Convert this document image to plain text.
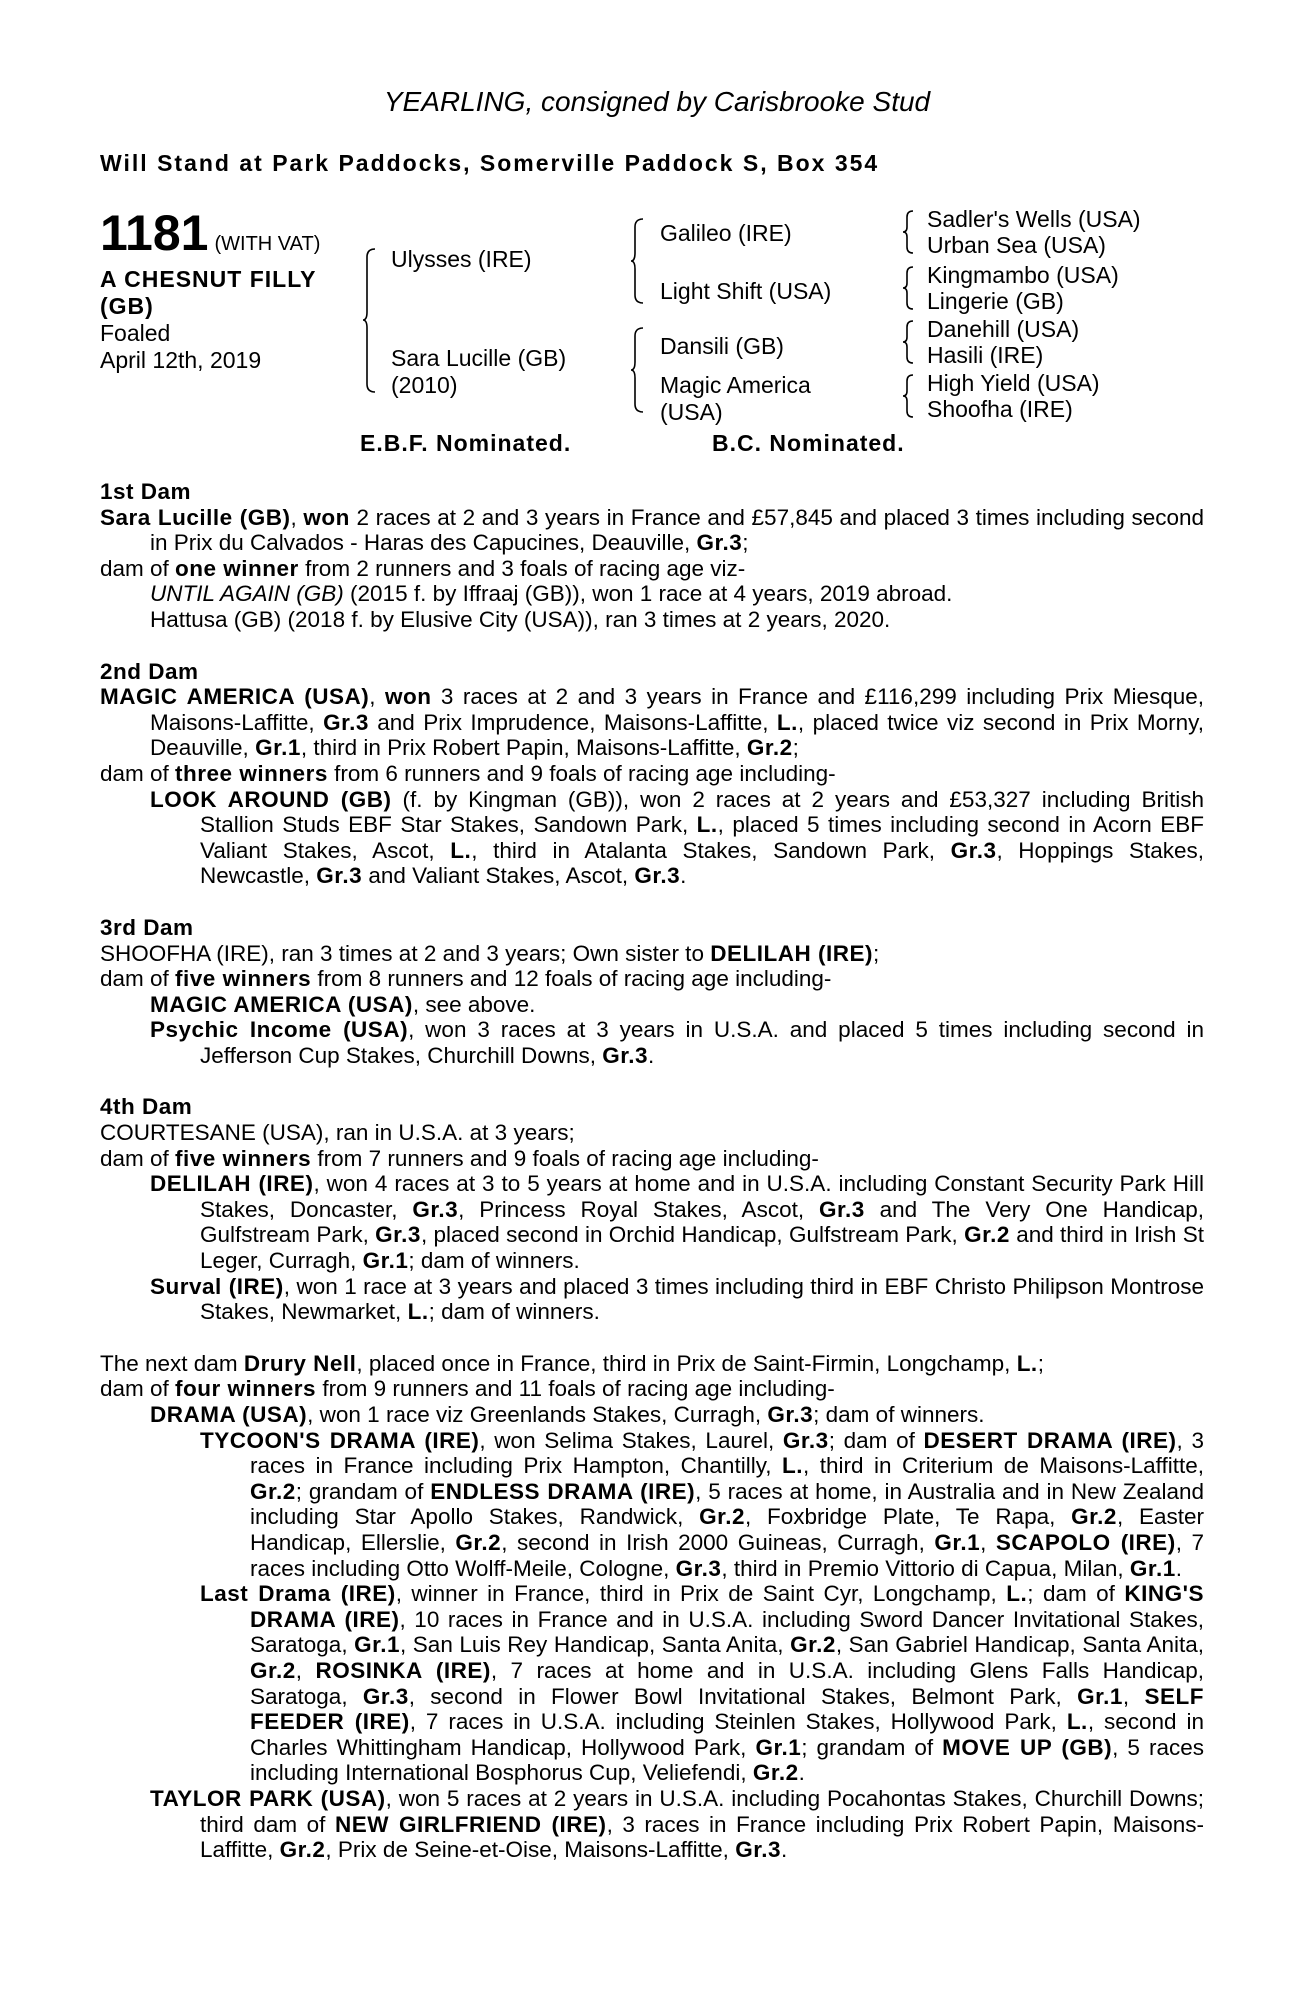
YEARLING, consigned by Carisbrooke Stud
Will Stand at Park Paddocks, Somerville Paddock S, Box 354
1181 (WITH VAT)
A CHESNUT FILLY
(GB)
Foaled
April 12th, 2019
Ulysses (IRE)
Sara Lucille (GB)
(2010)
Galileo (IRE)
Light Shift (USA)
Dansili (GB)
Magic America
(USA)
Sadler's Wells (USA)
Urban Sea (USA)
Kingmambo (USA)
Lingerie (GB)
Danehill (USA)
Hasili (IRE)
High Yield (USA)
Shoofha (IRE)
E.B.F. Nominated.	B.C. Nominated.

1st Dam

Sara Lucille (GB), won 2 races at 2 and 3 years in France and £57,845 and placed 3 times including second in Prix du Calvados - Haras des Capucines, Deauville, Gr.3;

dam of one winner from 2 runners and 3 foals of racing age viz-

UNTIL AGAIN (GB) (2015 f. by Iffraaj (GB)), won 1 race at 4 years, 2019 abroad.

Hattusa (GB) (2018 f. by Elusive City (USA)), ran 3 times at 2 years, 2020.

2nd Dam

MAGIC AMERICA (USA), won 3 races at 2 and 3 years in France and £116,299 including Prix Miesque, Maisons-Laffitte, Gr.3 and Prix Imprudence, Maisons-Laffitte, L., placed twice viz second in Prix Morny, Deauville, Gr.1, third in Prix Robert Papin, Maisons-Laffitte, Gr.2;

dam of three winners from 6 runners and 9 foals of racing age including-

LOOK AROUND (GB) (f. by Kingman (GB)), won 2 races at 2 years and £53,327 including British Stallion Studs EBF Star Stakes, Sandown Park, L., placed 5 times including second in Acorn EBF Valiant Stakes, Ascot, L., third in Atalanta Stakes, Sandown Park, Gr.3, Hoppings Stakes, Newcastle, Gr.3 and Valiant Stakes, Ascot, Gr.3.

3rd Dam

SHOOFHA (IRE), ran 3 times at 2 and 3 years; Own sister to DELILAH (IRE);

dam of five winners from 8 runners and 12 foals of racing age including-

MAGIC AMERICA (USA), see above.

Psychic Income (USA), won 3 races at 3 years in U.S.A. and placed 5 times including second in Jefferson Cup Stakes, Churchill Downs, Gr.3.

4th Dam

COURTESANE (USA), ran in U.S.A. at 3 years;

dam of five winners from 7 runners and 9 foals of racing age including-

DELILAH (IRE), won 4 races at 3 to 5 years at home and in U.S.A. including Constant Security Park Hill Stakes, Doncaster, Gr.3, Princess Royal Stakes, Ascot, Gr.3 and The Very One Handicap, Gulfstream Park, Gr.3, placed second in Orchid Handicap, Gulfstream Park, Gr.2 and third in Irish St Leger, Curragh, Gr.1; dam of winners.

Surval (IRE), won 1 race at 3 years and placed 3 times including third in EBF Christo Philipson Montrose Stakes, Newmarket, L.; dam of winners.

The next dam Drury Nell, placed once in France, third in Prix de Saint-Firmin, Longchamp, L.;

dam of four winners from 9 runners and 11 foals of racing age including-

DRAMA (USA), won 1 race viz Greenlands Stakes, Curragh, Gr.3; dam of winners.

TYCOON'S DRAMA (IRE), won Selima Stakes, Laurel, Gr.3; dam of DESERT DRAMA (IRE), 3 races in France including Prix Hampton, Chantilly, L., third in Criterium de Maisons-Laffitte, Gr.2; grandam of ENDLESS DRAMA (IRE), 5 races at home, in Australia and in New Zealand including Star Apollo Stakes, Randwick, Gr.2, Foxbridge Plate, Te Rapa, Gr.2, Easter Handicap, Ellerslie, Gr.2, second in Irish 2000 Guineas, Curragh, Gr.1, SCAPOLO (IRE), 7 races including Otto Wolff-Meile, Cologne, Gr.3, third in Premio Vittorio di Capua, Milan, Gr.1.

Last Drama (IRE), winner in France, third in Prix de Saint Cyr, Longchamp, L.; dam of KING'S DRAMA (IRE), 10 races in France and in U.S.A. including Sword Dancer Invitational Stakes, Saratoga, Gr.1, San Luis Rey Handicap, Santa Anita, Gr.2, San Gabriel Handicap, Santa Anita, Gr.2, ROSINKA (IRE), 7 races at home and in U.S.A. including Glens Falls Handicap, Saratoga, Gr.3, second in Flower Bowl Invitational Stakes, Belmont Park, Gr.1, SELF FEEDER (IRE), 7 races in U.S.A. including Steinlen Stakes, Hollywood Park, L., second in Charles Whittingham Handicap, Hollywood Park, Gr.1; grandam of MOVE UP (GB), 5 races including International Bosphorus Cup, Veliefendi, Gr.2.

TAYLOR PARK (USA), won 5 races at 2 years in U.S.A. including Pocahontas Stakes, Churchill Downs; third dam of NEW GIRLFRIEND (IRE), 3 races in France including Prix Robert Papin, Maisons-Laffitte, Gr.2, Prix de Seine-et-Oise, Maisons-Laffitte, Gr.3.
